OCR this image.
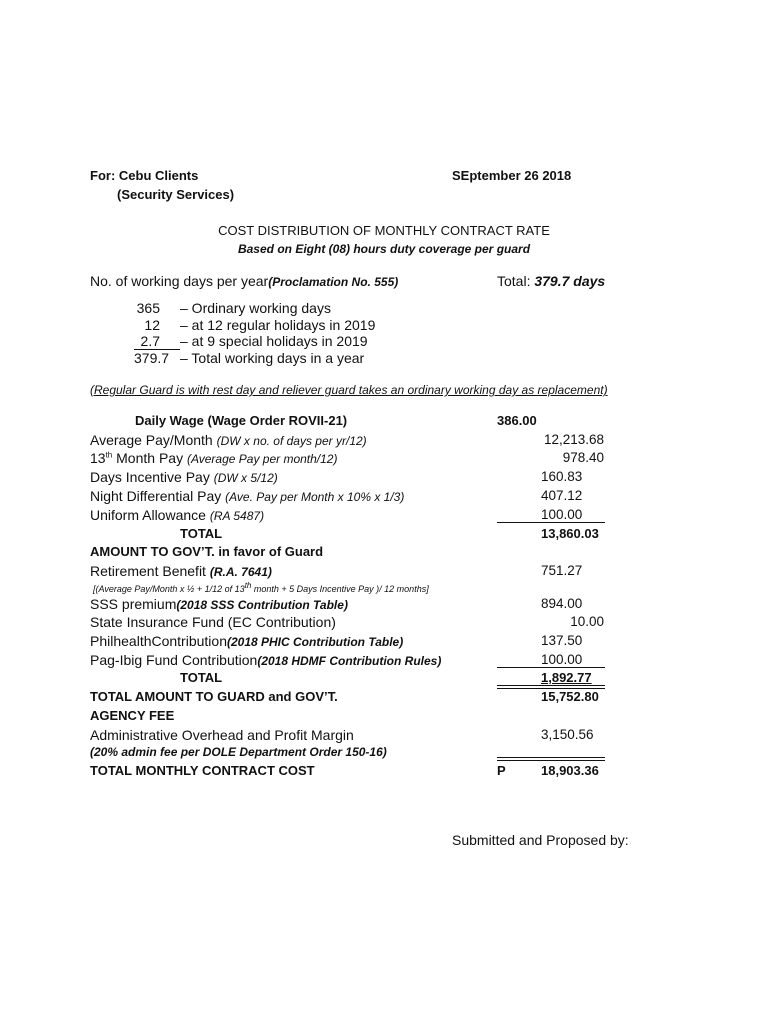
For: Cebu Clients	SEptember 26 2018
(Security Services)
COST DISTRIBUTION OF MONTHLY CONTRACT RATE
Based on Eight (08) hours duty coverage per guard
No. of working days per year(Proclamation No. 555)	Total: 379.7 days
365 – Ordinary working days
12 – at 12 regular holidays in 2019
2.7 – at 9 special holidays in 2019
379.7 – Total working days in a year
(Regular Guard is with rest day and reliever guard takes an ordinary working day as replacement)
Daily Wage (Wage Order ROVII-21)	386.00
Average Pay/Month (DW x no. of days per yr/12)	12,213.68
13th Month Pay (Average Pay per month/12)	978.40
Days Incentive Pay (DW x 5/12)	160.83
Night Differential Pay (Ave. Pay per Month x 10% x 1/3)	407.12
Uniform Allowance (RA 5487)	100.00
TOTAL	13,860.03
AMOUNT TO GOV’T. in favor of Guard
Retirement Benefit (R.A. 7641)	751.27
[(Average Pay/Month x ½ + 1/12 of 13th month + 5 Days Incentive Pay )/ 12 months]
SSS premium(2018 SSS Contribution Table)	894.00
State Insurance Fund (EC Contribution)	10.00
PhilhealthContribution(2018 PHIC Contribution Table)	137.50
Pag-Ibig Fund Contribution(2018 HDMF Contribution Rules)	100.00
TOTAL	1,892.77
TOTAL AMOUNT TO GUARD and GOV’T.	15,752.80
AGENCY FEE
Administrative Overhead and Profit Margin	3,150.56
(20% admin fee per DOLE Department Order 150-16)
TOTAL MONTHLY CONTRACT COST	P	18,903.36
Submitted and Proposed by:
